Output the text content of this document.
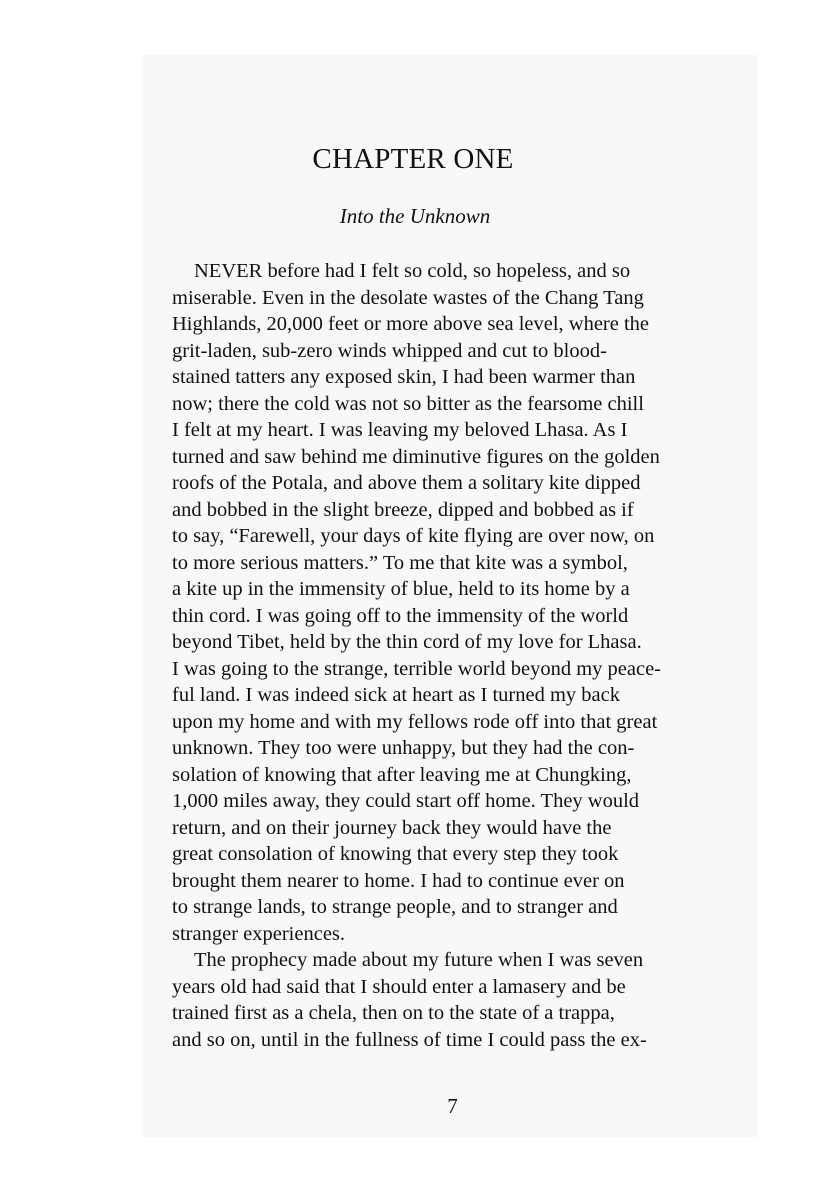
CHAPTER ONE
Into the Unknown
NEVER before had I felt so cold, so hopeless, and so
miserable. Even in the desolate wastes of the Chang Tang
Highlands, 20,000 feet or more above sea level, where the
grit-laden, sub-zero winds whipped and cut to blood-
stained tatters any exposed skin, I had been warmer than
now; there the cold was not so bitter as the fearsome chill
I felt at my heart. I was leaving my beloved Lhasa. As I
turned and saw behind me diminutive figures on the golden
roofs of the Potala, and above them a solitary kite dipped
and bobbed in the slight breeze, dipped and bobbed as if
to say, “Farewell, your days of kite flying are over now, on
to more serious matters.” To me that kite was a symbol,
a kite up in the immensity of blue, held to its home by a
thin cord. I was going off to the immensity of the world
beyond Tibet, held by the thin cord of my love for Lhasa.
I was going to the strange, terrible world beyond my peace-
ful land. I was indeed sick at heart as I turned my back
upon my home and with my fellows rode off into that great
unknown. They too were unhappy, but they had the con-
solation of knowing that after leaving me at Chungking,
1,000 miles away, they could start off home. They would
return, and on their journey back they would have the
great consolation of knowing that every step they took
brought them nearer to home. I had to continue ever on
to strange lands, to strange people, and to stranger and
stranger experiences.
The prophecy made about my future when I was seven
years old had said that I should enter a lamasery and be
trained first as a chela, then on to the state of a trappa,
and so on, until in the fullness of time I could pass the ex-
7
